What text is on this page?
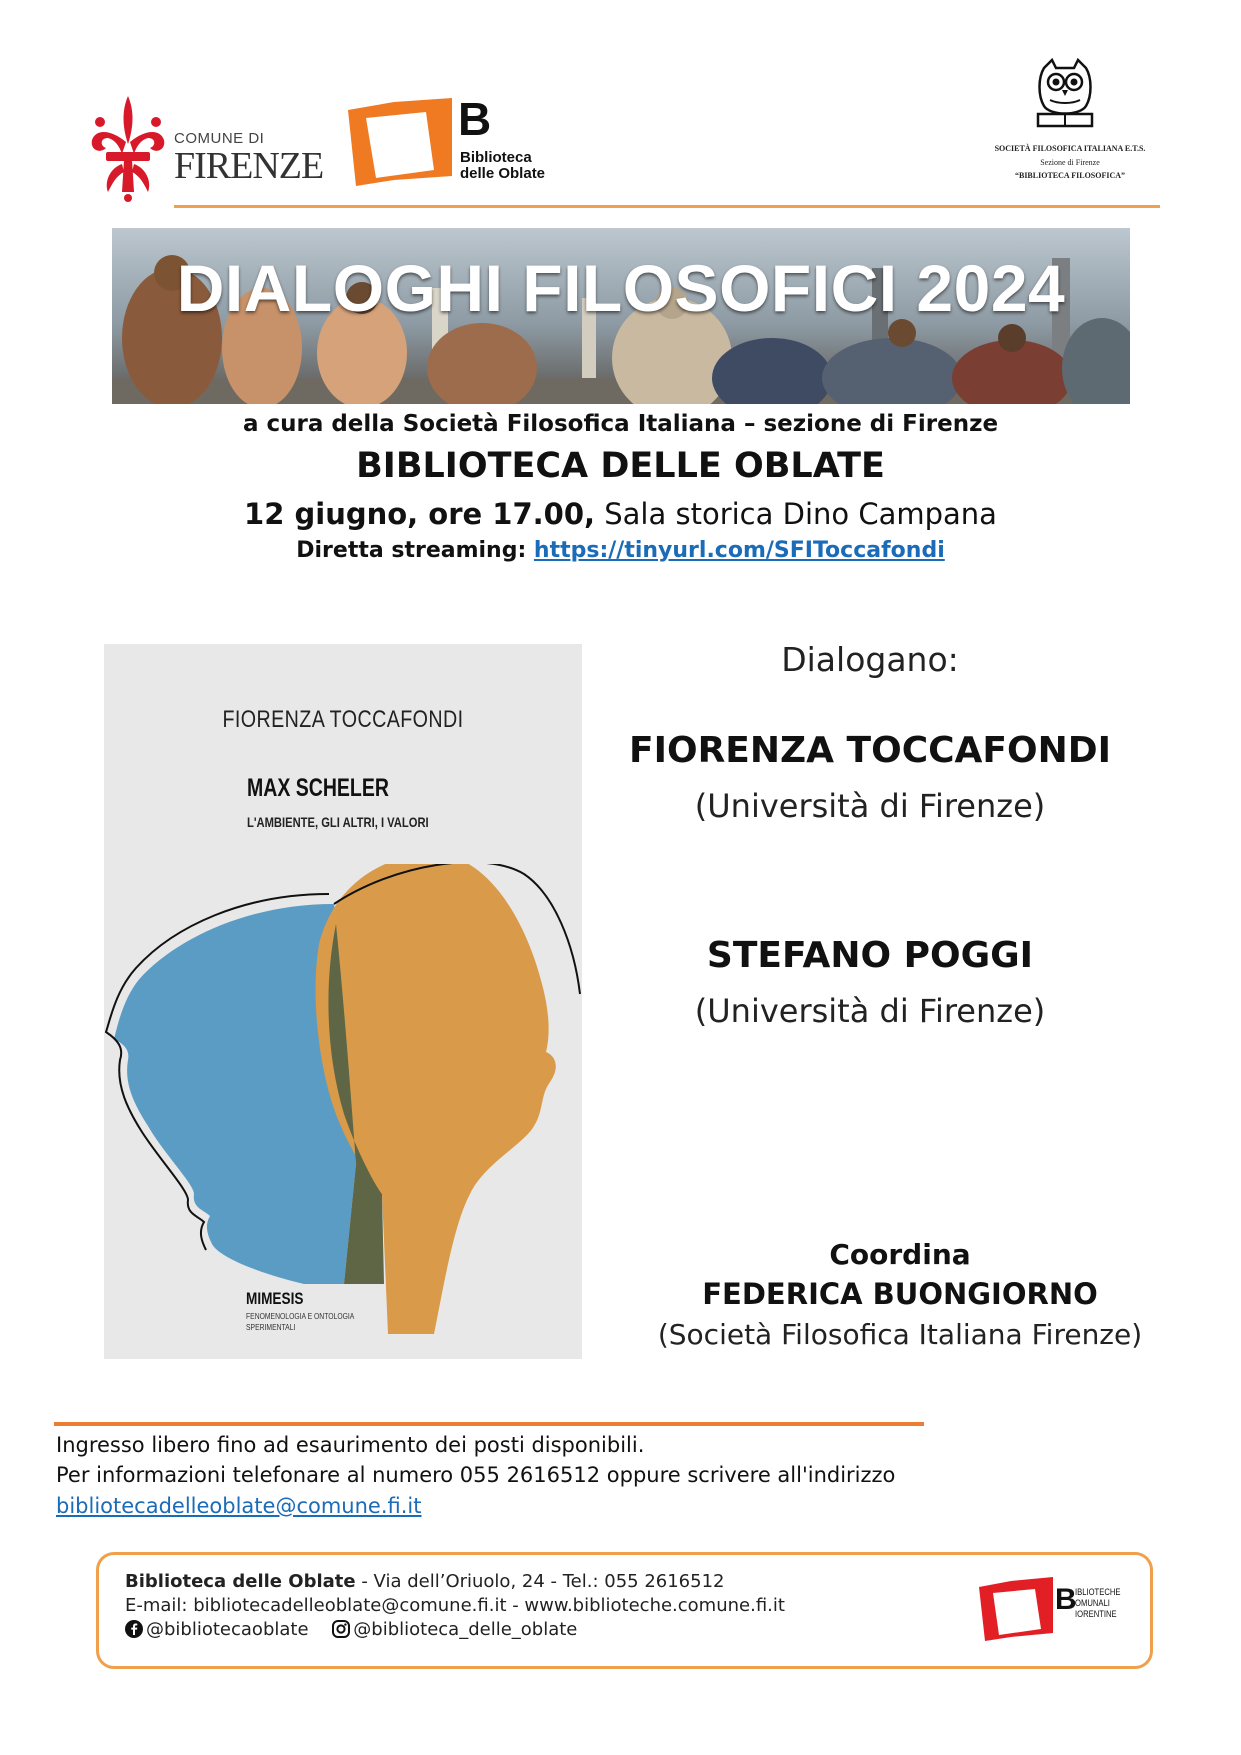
COMUNE DI
FIRENZE
B
Biblioteca
delle Oblate
SOCIETÀ FILOSOFICA ITALIANA E.T.S.
Sezione di Firenze
“BIBLIOTECA FILOSOFICA”
DIALOGHI FILOSOFICI 2024
a cura della Società Filosofica Italiana – sezione di Firenze
BIBLIOTECA DELLE OBLATE
12 giugno, ore 17.00, Sala storica Dino Campana
Diretta streaming: https://tinyurl.com/SFIToccafondi
FIORENZA TOCCAFONDI
MAX SCHELER
L'AMBIENTE, GLI ALTRI, I VALORI
MIMESIS
FENOMENOLOGIA E ONTOLOGIA
SPERIMENTALI
Dialogano:
FIORENZA TOCCAFONDI
(Università di Firenze)
STEFANO POGGI
(Università di Firenze)
Coordina
FEDERICA BUONGIORNO
(Società Filosofica Italiana Firenze)
Ingresso libero fino ad esaurimento dei posti disponibili.
Per informazioni telefonare al numero 055 2616512 oppure scrivere all'indirizzo
bibliotecadelleoblate@comune.fi.it
Biblioteca delle Oblate - Via dell’Oriuolo, 24 - Tel.: 055 2616512
E-mail: bibliotecadelleoblate@comune.fi.it - www.biblioteche.comune.fi.it
@bibliotecaoblate @biblioteca_delle_oblate
B
IBLIOTECHE
OMUNALI
IORENTINE
